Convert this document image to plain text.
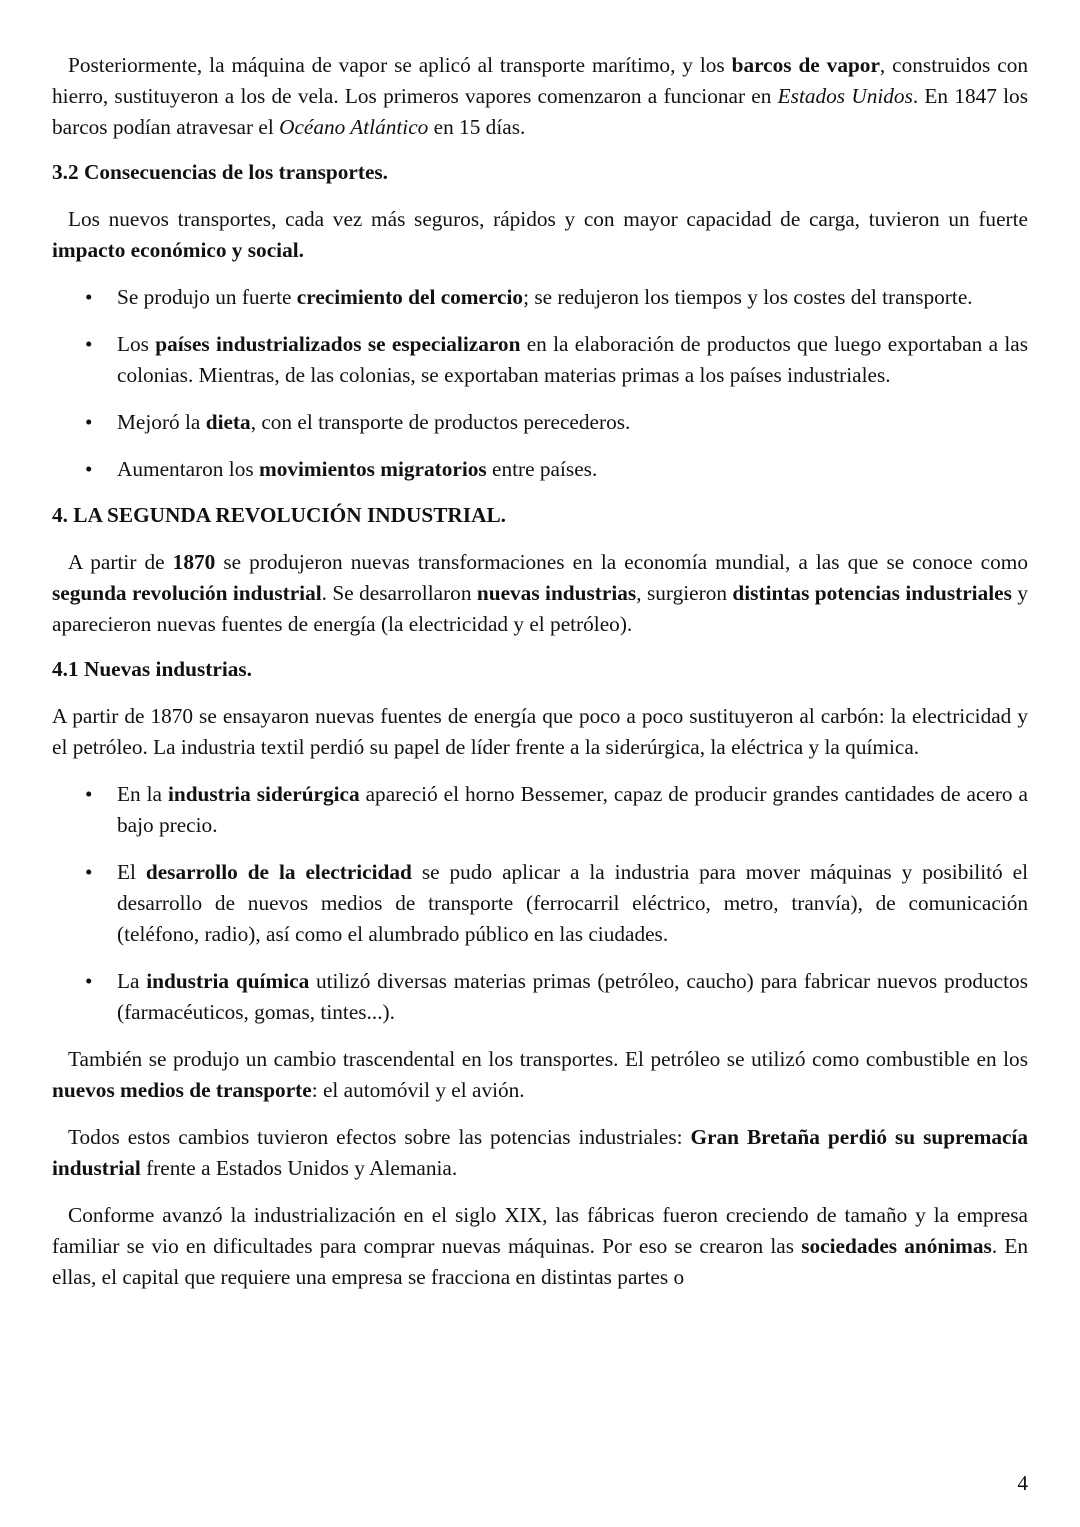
Posteriormente, la máquina de vapor se aplicó al transporte marítimo, y los barcos de vapor, construidos con hierro, sustituyeron a los de vela. Los primeros vapores comenzaron a funcionar en Estados Unidos. En 1847 los barcos podían atravesar el Océano Atlántico en 15 días.

3.2 Consecuencias de los transportes.

Los nuevos transportes, cada vez más seguros, rápidos y con mayor capacidad de carga, tuvieron un fuerte impacto económico y social.

• Se produjo un fuerte crecimiento del comercio; se redujeron los tiempos y los costes del transporte.
• Los países industrializados se especializaron en la elaboración de productos que luego exportaban a las colonias. Mientras, de las colonias, se exportaban materias primas a los países industriales.
• Mejoró la dieta, con el transporte de productos perecederos.
• Aumentaron los movimientos migratorios entre países.

4. LA SEGUNDA REVOLUCIÓN INDUSTRIAL.

A partir de 1870 se produjeron nuevas transformaciones en la economía mundial, a las que se conoce como segunda revolución industrial. Se desarrollaron nuevas industrias, surgieron distintas potencias industriales y aparecieron nuevas fuentes de energía (la electricidad y el petróleo).

4.1 Nuevas industrias.

A partir de 1870 se ensayaron nuevas fuentes de energía que poco a poco sustituyeron al carbón: la electricidad y el petróleo. La industria textil perdió su papel de líder frente a la siderúrgica, la eléctrica y la química.

• En la industria siderúrgica apareció el horno Bessemer, capaz de producir grandes cantidades de acero a bajo precio.
• El desarrollo de la electricidad se pudo aplicar a la industria para mover máquinas y posibilitó el desarrollo de nuevos medios de transporte (ferrocarril eléctrico, metro, tranvía), de comunicación (teléfono, radio), así como el alumbrado público en las ciudades.
• La industria química utilizó diversas materias primas (petróleo, caucho) para fabricar nuevos productos (farmacéuticos, gomas, tintes...).

También se produjo un cambio trascendental en los transportes. El petróleo se utilizó como combustible en los nuevos medios de transporte: el automóvil y el avión.

Todos estos cambios tuvieron efectos sobre las potencias industriales: Gran Bretaña perdió su supremacía industrial frente a Estados Unidos y Alemania.

Conforme avanzó la industrialización en el siglo XIX, las fábricas fueron creciendo de tamaño y la empresa familiar se vio en dificultades para comprar nuevas máquinas. Por eso se crearon las sociedades anónimas. En ellas, el capital que requiere una empresa se fracciona en distintas partes o

4
